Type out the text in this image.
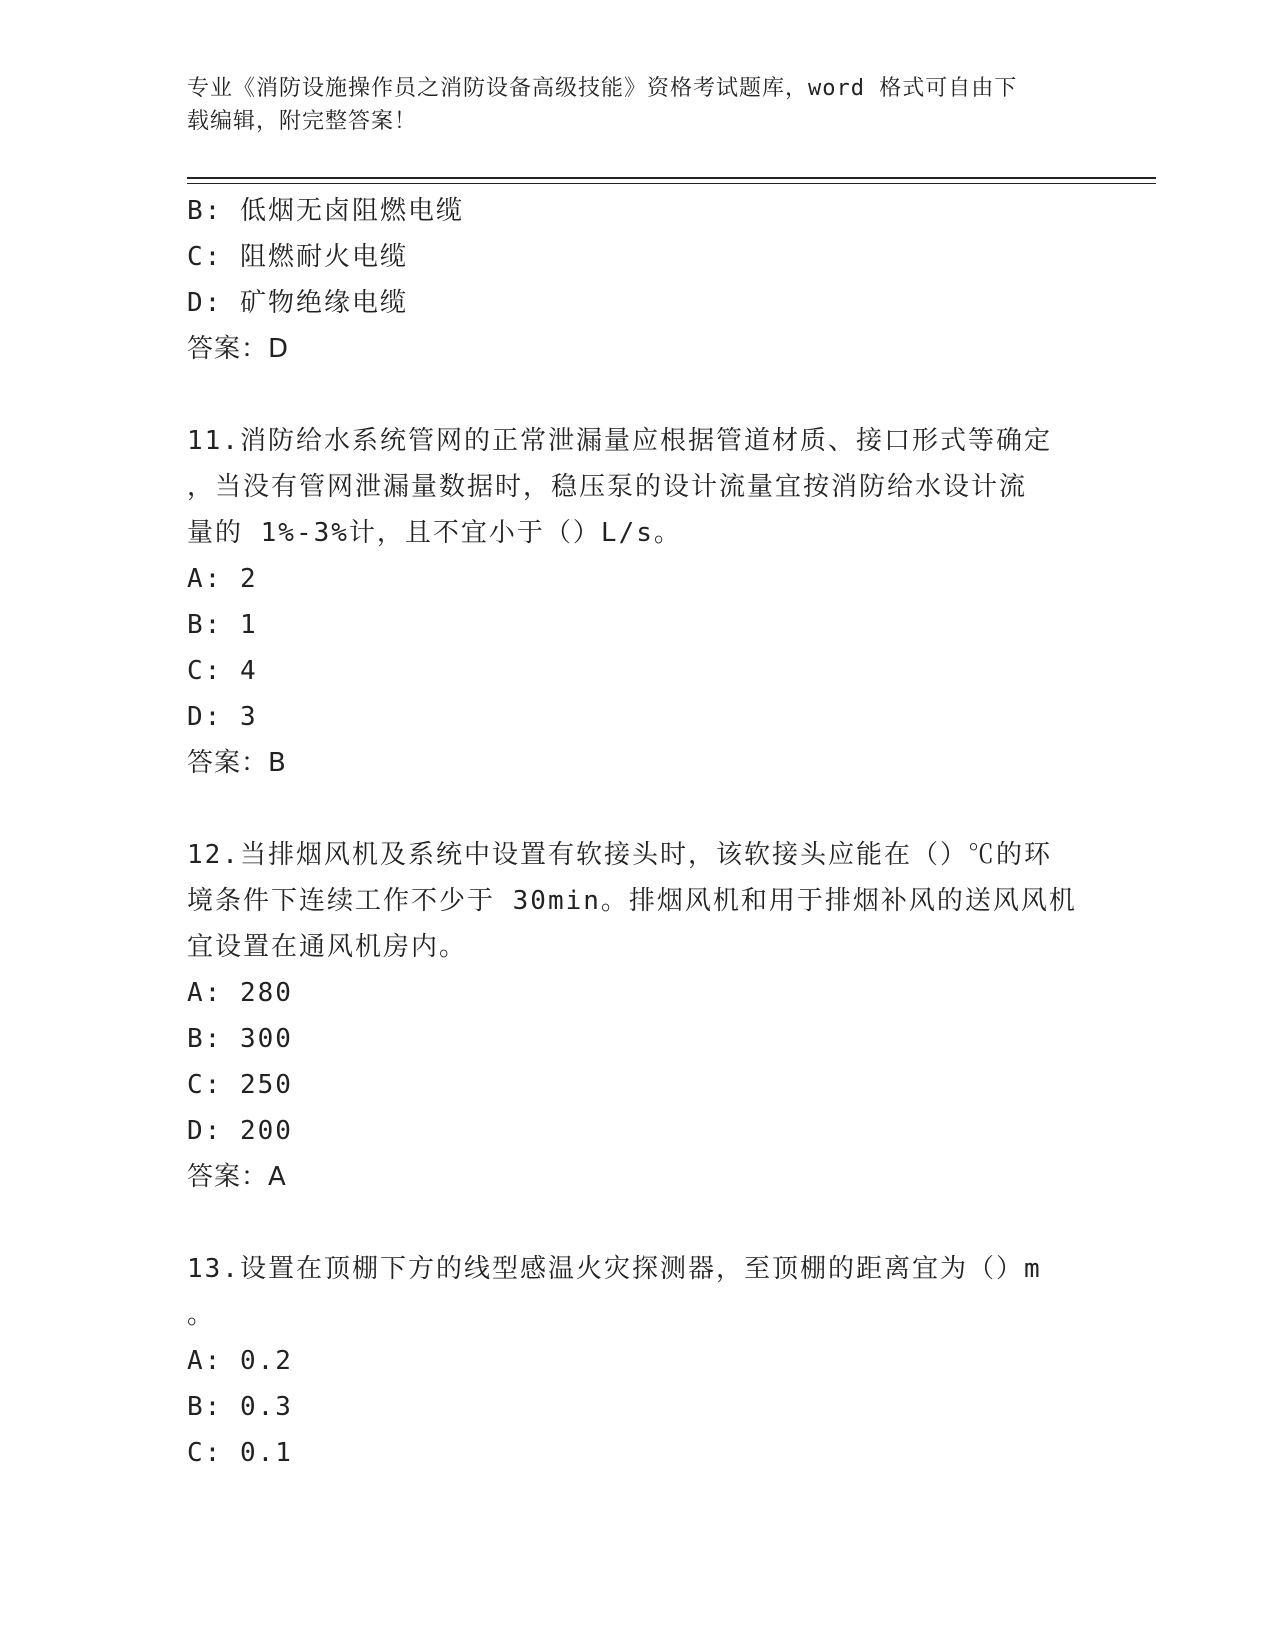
专业《消防设施操作员之消防设备高级技能》资格考试题库，word 格式可自由下
载编辑，附完整答案！
B: 低烟无卤阻燃电缆
C: 阻燃耐火电缆
D: 矿物绝缘电缆
答案：D
11.消防给水系统管网的正常泄漏量应根据管道材质、接口形式等确定
，当没有管网泄漏量数据时，稳压泵的设计流量宜按消防给水设计流
量的 1%-3%计，且不宜小于（）L/s。
A: 2
B: 1
C: 4
D: 3
答案：B
12.当排烟风机及系统中设置有软接头时，该软接头应能在（）℃的环
境条件下连续工作不少于 30min。排烟风机和用于排烟补风的送风风机
宜设置在通风机房内。
A: 280
B: 300
C: 250
D: 200
答案：A
13.设置在顶棚下方的线型感温火灾探测器，至顶棚的距离宜为（）m
。
A: 0.2
B: 0.3
C: 0.1
